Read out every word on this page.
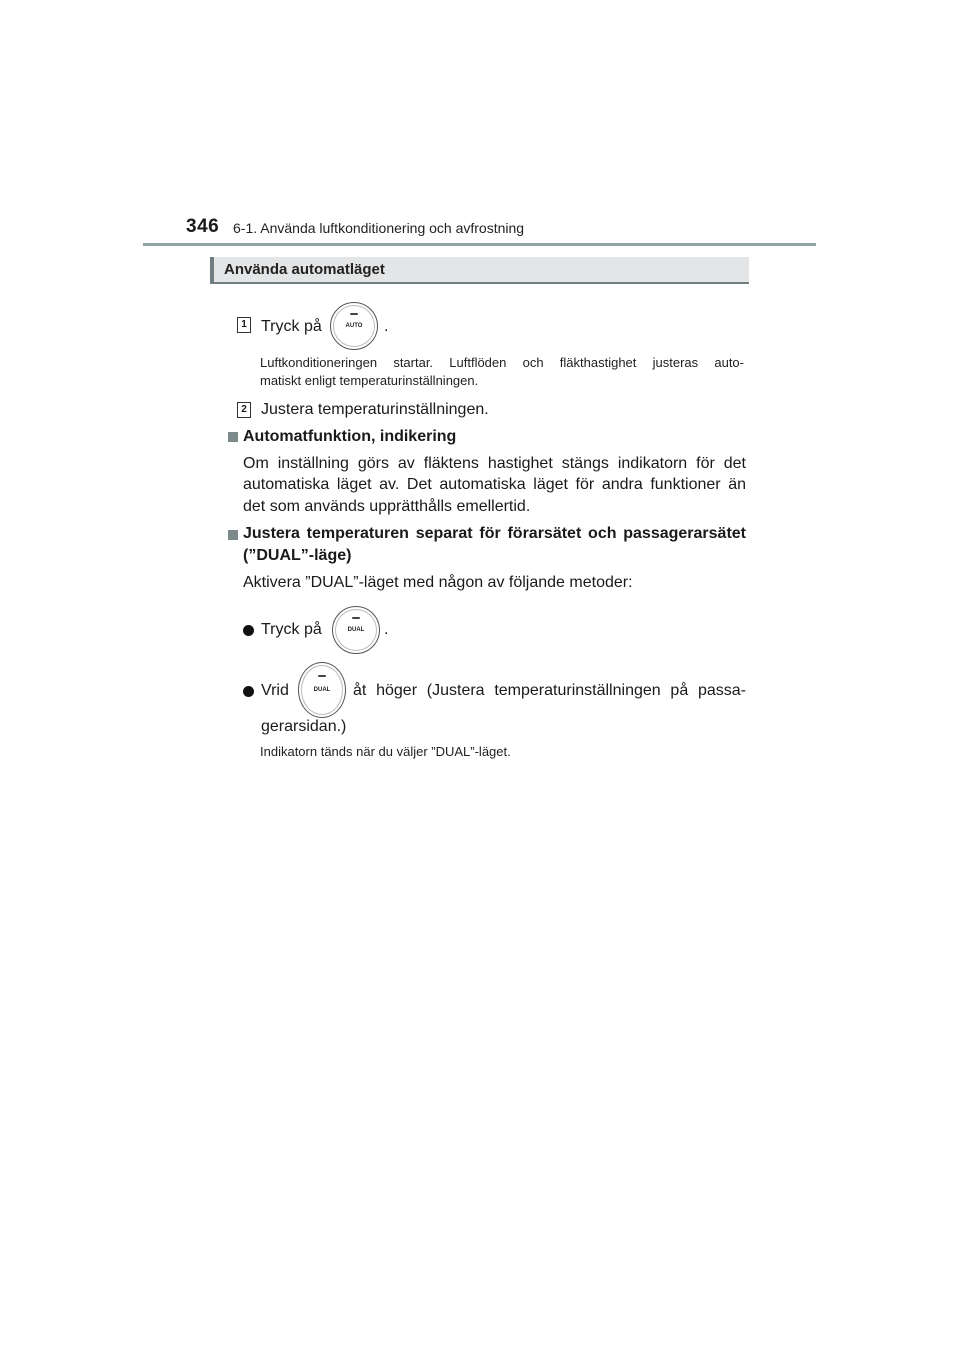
346 6-1. Använda luftkonditionering och avfrostning
Använda automatläget
1 Tryck på	AUTO	.
Luftkonditioneringen startar. Luftflöden och fläkthastighet justeras auto-
matiskt enligt temperaturinställningen.
2 Justera temperaturinställningen.
Automatfunktion, indikering
Om inställning görs av fläktens hastighet stängs indikatorn för det
automatiska läget av. Det automatiska läget för andra funktioner än
det som används upprätthålls emellertid.
Justera temperaturen separat för förarsätet och passagerarsätet
(”DUAL”-läge)
Aktivera ”DUAL”-läget med någon av följande metoder:
Tryck på	DUAL	.
Vrid	DUAL	åt höger (Justera temperaturinställningen på passa-
gerarsidan.)
Indikatorn tänds när du väljer ”DUAL”-läget.
